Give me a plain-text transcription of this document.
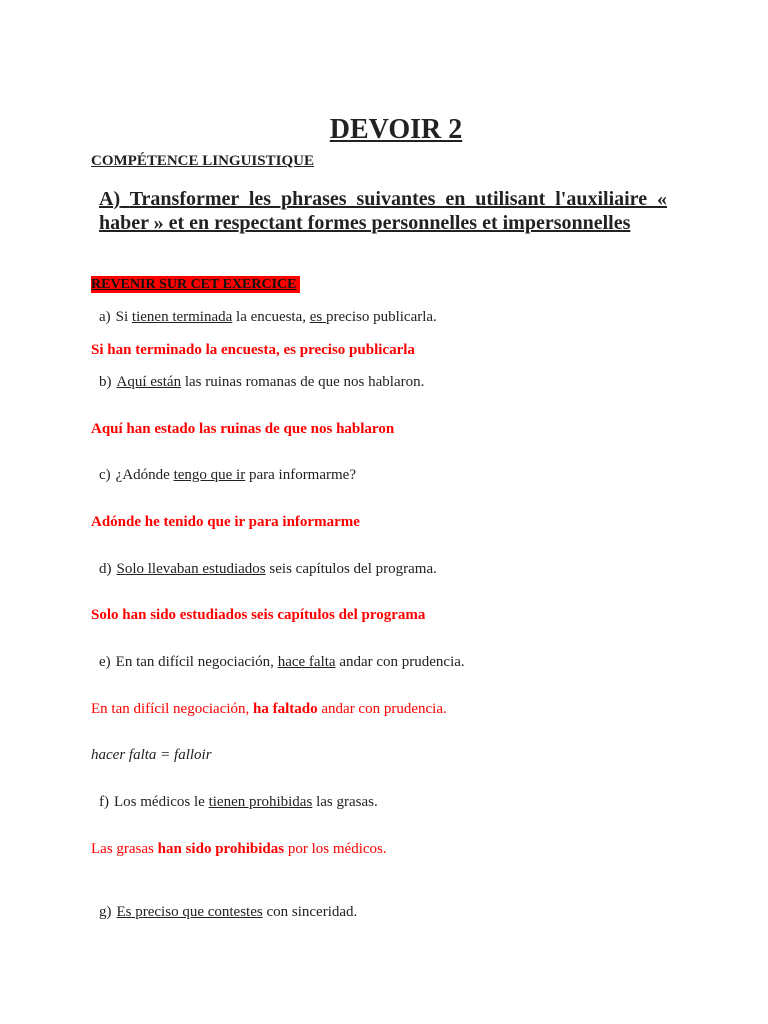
DEVOIR 2
COMPÉTENCE LINGUISTIQUE
A) Transformer les phrases suivantes en utilisant l'auxiliaire « haber » et en respectant formes personnelles et impersonnelles
REVENIR SUR CET EXERCICE
a) Si tienen terminada la encuesta, es preciso publicarla.
Si han terminado la encuesta, es preciso publicarla
b) Aquí están las ruinas romanas de que nos hablaron.
Aquí han estado las ruinas de que nos hablaron
c) ¿Adónde tengo que ir para informarme?
Adónde he tenido que ir para informarme
d) Solo llevaban estudiados seis capítulos del programa.
Solo han sido estudiados seis capítulos del programa
e) En tan difícil negociación, hace falta andar con prudencia.
En tan difícil negociación, ha faltado andar con prudencia.
hacer falta = falloir
f) Los médicos le tienen prohibidas las grasas.
Las grasas han sido prohibidas por los médicos.
g) Es preciso que contestes con sinceridad.
